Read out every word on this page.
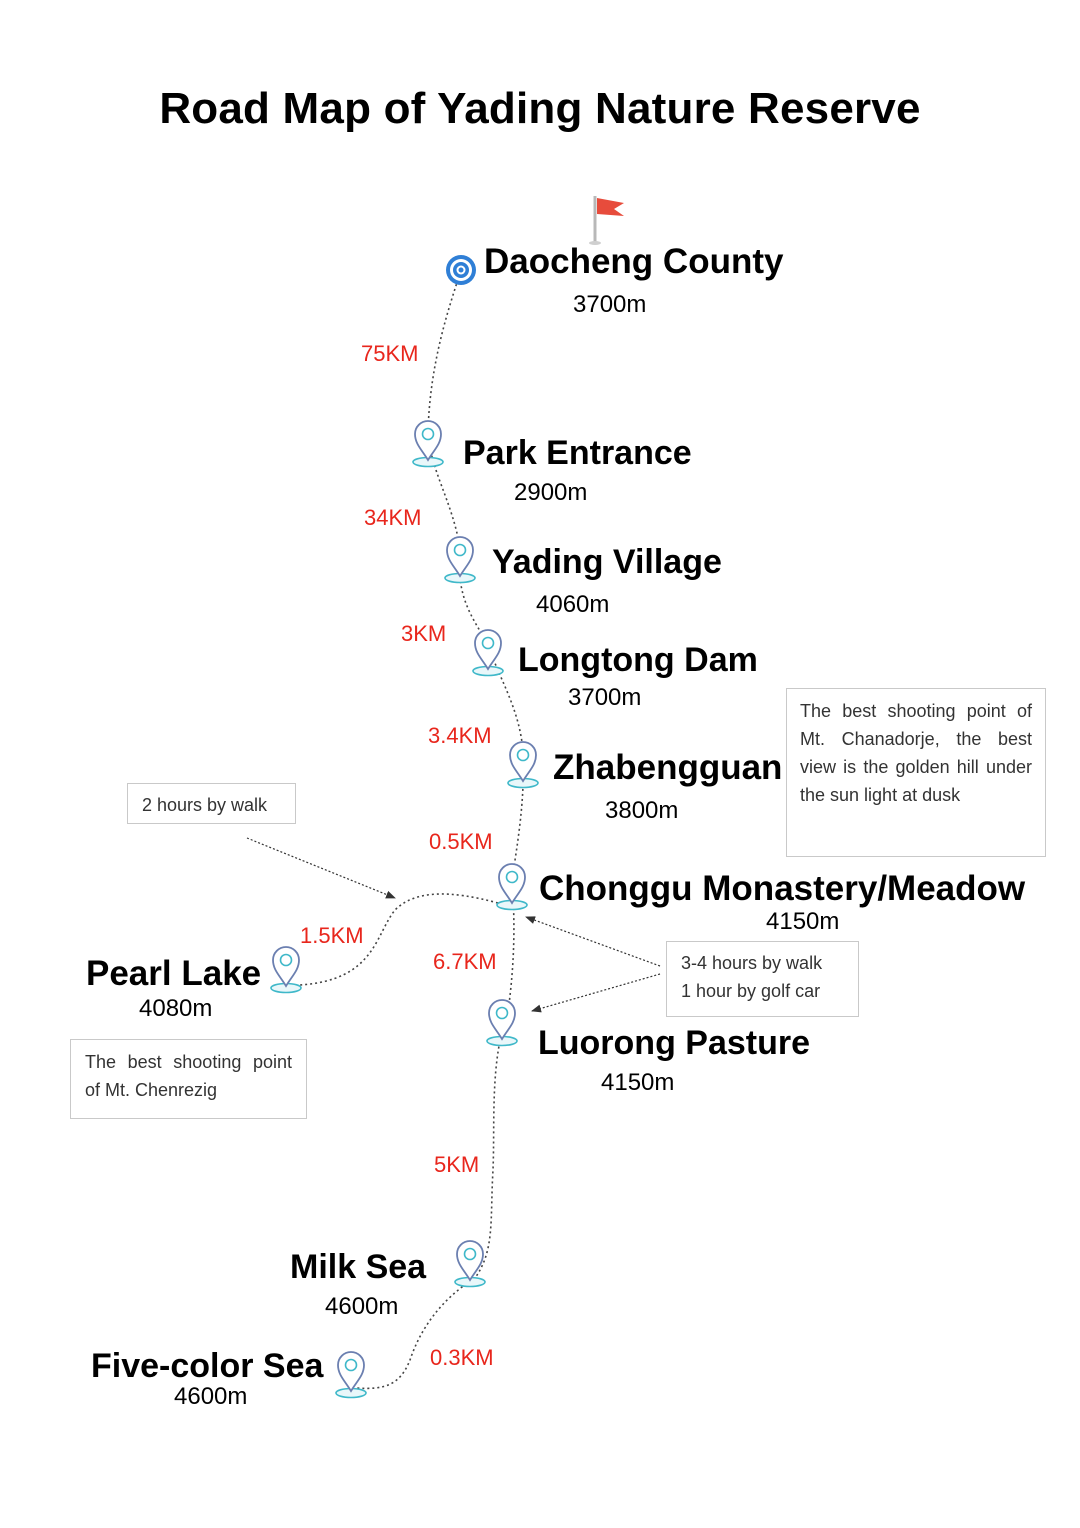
Road Map of Yading Nature Reserve
Daocheng County
3700m
Park Entrance
2900m
Yading Village
4060m
Longtong Dam
3700m
Zhabengguan
3800m
Chonggu Monastery/Meadow
4150m
Pearl Lake
4080m
Luorong Pasture
4150m
Milk Sea
4600m
Five-color Sea
4600m
75KM
34KM
3KM
3.4KM
0.5KM
1.5KM
6.7KM
5KM
0.3KM
2 hours by walk
The best shooting point of Mt. Chanadorje, the best view is the golden hill under the sun light at dusk
3-4 hours by walk
1 hour by golf car
The best shooting point of Mt. Chenrezig
